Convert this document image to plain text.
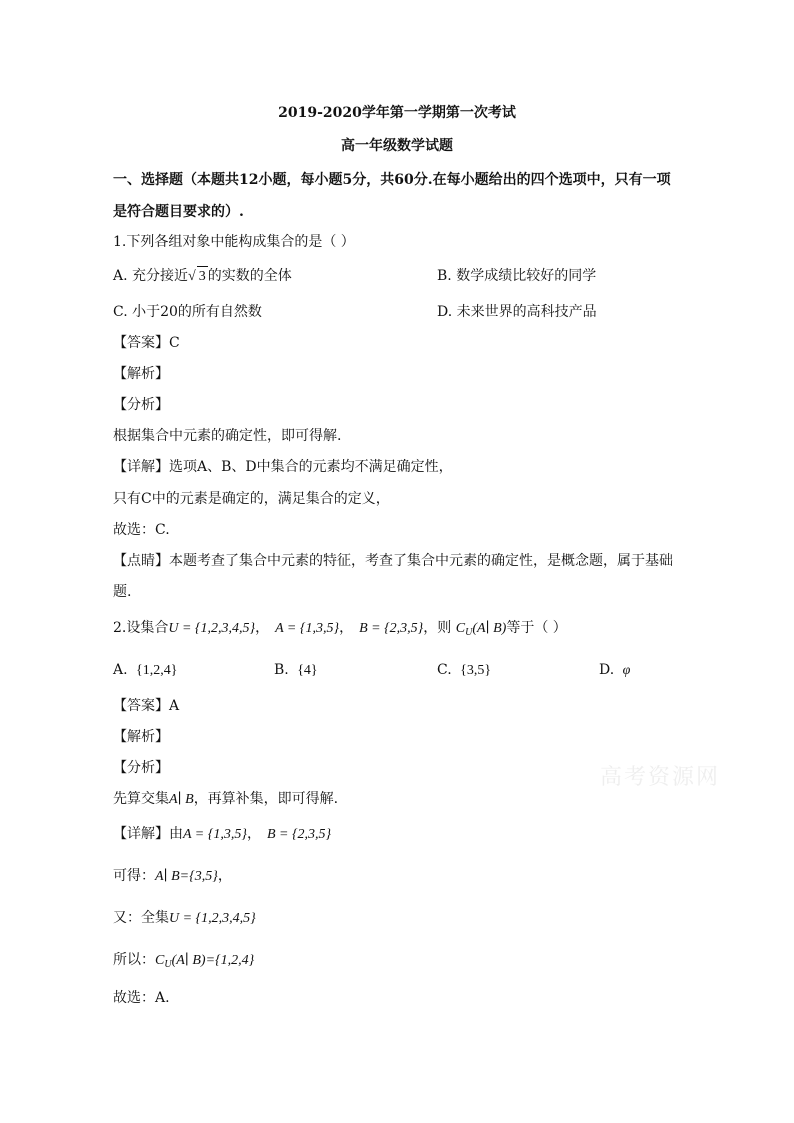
2019-2020学年第一学期第一次考试
高一年级数学试题
一、选择题（本题共12小题，每小题5分，共60分.在每小题给出的四个选项中，只有一项
是符合题目要求的）.
1.下列各组对象中能构成集合的是（ ）
A. 充分接近√ 3 的实数的全体	B. 数学成绩比较好的同学
C. 小于20的所有自然数	D. 未来世界的高科技产品
【答案】C
【解析】
【分析】
根据集合中元素的确定性，即可得解.
【详解】选项A、B、D中集合的元素均不满足确定性，
只有C中的元素是确定的，满足集合的定义，
故选：C.
【点睛】本题考查了集合中元素的特征，考查了集合中元素的确定性，是概念题，属于基础
题.
2.设集合U = {1,2,3,4,5}， A = {1,3,5}， B = {2,3,5}，则 $C_U(A∣$ B)等于（ ）
A. {1,2,4}	B. {4}	C. {3,5}	D. φ
【答案】A
【解析】
【分析】
先算交集A∣ B，再算补集，即可得解.
【详解】由A = {1,3,5}， B = {2,3,5}
可得：A∣ B={3,5}，
又：全集U = {1,2,3,4,5}
所以：$C_U(A∣$ B)={1,2,4}
故选：A.
高考资源网
